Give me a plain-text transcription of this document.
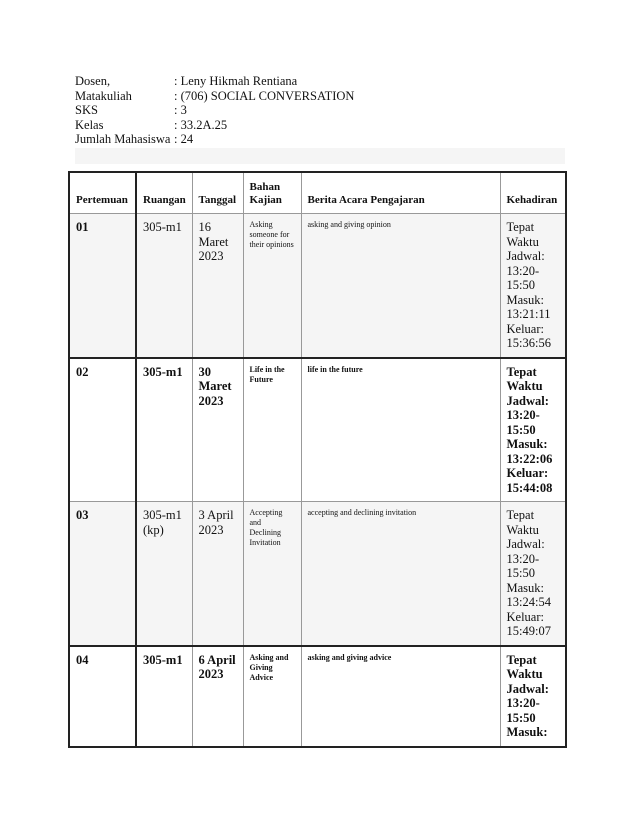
Dosen,	: Leny Hikmah Rentiana
Matakuliah	: (706) SOCIAL CONVERSATION
SKS	: 3
Kelas	: 33.2A.25
Jumlah Mahasiswa : 24
Pertemuan	Ruangan	Tanggal	Bahan Kajian	Berita Acara Pengajaran	Kehadiran
01	305-m1	16 Maret 2023	Asking someone for their opinions	asking and giving opinion	Tepat Waktu Jadwal: 13:20-15:50 Masuk: 13:21:11 Keluar: 15:36:56
02	305-m1	30 Maret 2023	Life in the Future	life in the future	Tepat Waktu Jadwal: 13:20-15:50 Masuk: 13:22:06 Keluar: 15:44:08
03	305-m1 (kp)	3 April 2023	Accepting and Declining Invitation	accepting and declining invitation	Tepat Waktu Jadwal: 13:20-15:50 Masuk: 13:24:54 Keluar: 15:49:07
04	305-m1	6 April 2023	Asking and Giving Advice	asking and giving advice	Tepat Waktu Jadwal: 13:20-15:50 Masuk:
